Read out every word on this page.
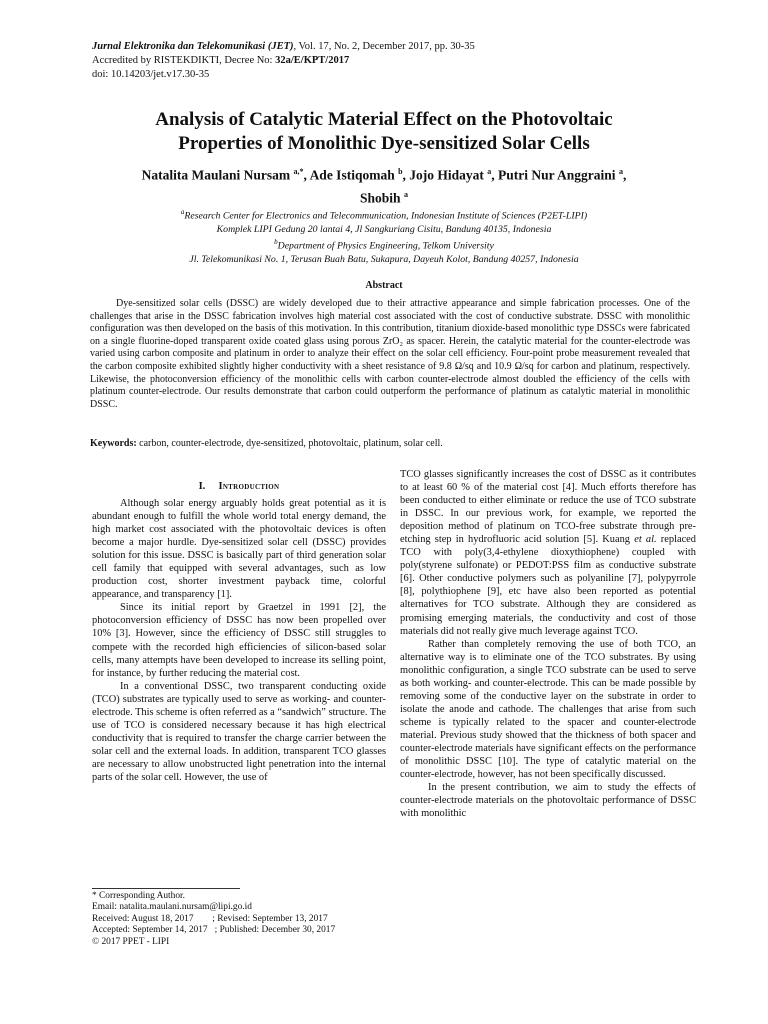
Jurnal Elektronika dan Telekomunikasi (JET), Vol. 17, No. 2, December 2017, pp. 30-35
Accredited by RISTEKDIKTI, Decree No: 32a/E/KPT/2017
doi: 10.14203/jet.v17.30-35
Analysis of Catalytic Material Effect on the Photovoltaic
Properties of Monolithic Dye-sensitized Solar Cells
Natalita Maulani Nursam $^{a,*}$, Ade Istiqomah $^b$, Jojo Hidayat $^a$, Putri Nur Anggraini $^a$,
Shobih $^a$
$^a$Research Center for Electronics and Telecommunication, Indonesian Institute of Sciences (P2ET-LIPI)
Komplek LIPI Gedung 20 lantai 4, Jl Sangkuriang Cisitu, Bandung 40135, Indonesia
$^b$Department of Physics Engineering, Telkom University
Jl. Telekomunikasi No. 1, Terusan Buah Batu, Sukapura, Dayeuh Kolot, Bandung 40257, Indonesia
Abstract
Dye-sensitized solar cells (DSSC) are widely developed due to their attractive appearance and simple fabrication processes. One of the challenges that arise in the DSSC fabrication involves high material cost associated with the cost of conductive substrate. DSSC with monolithic configuration was then developed on the basis of this motivation. In this contribution, titanium dioxide-based monolithic type DSSCs were fabricated on a single fluorine-doped transparent oxide coated glass using porous ZrO₂ as spacer. Herein, the catalytic material for the counter-electrode was varied using carbon composite and platinum in order to analyze their effect on the solar cell efficiency. Four-point probe measurement revealed that the carbon composite exhibited slightly higher conductivity with a sheet resistance of 9.8 Ω/sq and 10.9 Ω/sq for carbon and platinum, respectively. Likewise, the photoconversion efficiency of the monolithic cells with carbon counter-electrode almost doubled the efficiency of the cells with platinum counter-electrode. Our results demonstrate that carbon could outperform the performance of platinum as catalytic material in monolithic DSSC.
Keywords: carbon, counter-electrode, dye-sensitized, photovoltaic, platinum, solar cell.
I. Introduction

Although solar energy arguably holds great potential as it is abundant enough to fulfill the whole world total energy demand, the high market cost associated with the photovoltaic devices is often become a major hurdle. Dye-sensitized solar cell (DSSC) provides solution for this issue. DSSC is basically part of third generation solar cell family that equipped with several advantages, such as low production cost, shorter investment payback time, colorful appearance, and transparency [1].

Since its initial report by Graetzel in 1991 [2], the photoconversion efficiency of DSSC has now been propelled over 10% [3]. However, since the efficiency of DSSC still struggles to compete with the recorded high efficiencies of silicon-based solar cells, many attempts have been developed to increase its selling point, for instance, by further reducing the material cost.

In a conventional DSSC, two transparent conducting oxide (TCO) substrates are typically used to serve as working- and counter-electrode. This scheme is often referred as a “sandwich” structure. The use of TCO is considered necessary because it has high electrical conductivity that is required to transfer the charge carrier between the solar cell and the external loads. In addition, transparent TCO glasses are necessary to allow unobstructed light penetration into the internal parts of the solar cell. However, the use of

TCO glasses significantly increases the cost of DSSC as it contributes to at least 60 % of the material cost [4]. Much efforts therefore has been conducted to either eliminate or reduce the use of TCO substrate in DSSC. In our previous work, for example, we reported the deposition method of platinum on TCO-free substrate through pre-etching step in hydrofluoric acid solution [5]. Kuang et al. replaced TCO with poly(3,4-ethylene dioxythiophene) coupled with poly(styrene sulfonate) or PEDOT:PSS film as conductive substrate [6]. Other conductive polymers such as polyaniline [7], polypyrrole [8], polythiophene [9], etc have also been reported as potential alternatives for TCO substrate. Although they are considered as promising emerging materials, the conductivity and cost of those materials did not really give much leverage against TCO.

Rather than completely removing the use of both TCO, an alternative way is to eliminate one of the TCO substrates. By using monolithic configuration, a single TCO substrate can be used to serve as both working- and counter-electrode. This can be made possible by removing some of the conductive layer on the substrate in order to isolate the anode and cathode. The challenges that arise from such scheme is typically related to the spacer and counter-electrode material. Previous study showed that the thickness of both spacer and counter-electrode materials have significant effects on the performance of monolithic DSSC [10]. The type of catalytic material on the counter-electrode, however, has not been specifically discussed.

In the present contribution, we aim to study the effects of counter-electrode materials on the photovoltaic performance of DSSC with monolithic

* Corresponding Author.
Email: natalita.maulani.nursam@lipi.go.id
Received: August 18, 2017        ; Revised: September 13, 2017
Accepted: September 14, 2017   ; Published: December 30, 2017
© 2017 PPET - LIPI
